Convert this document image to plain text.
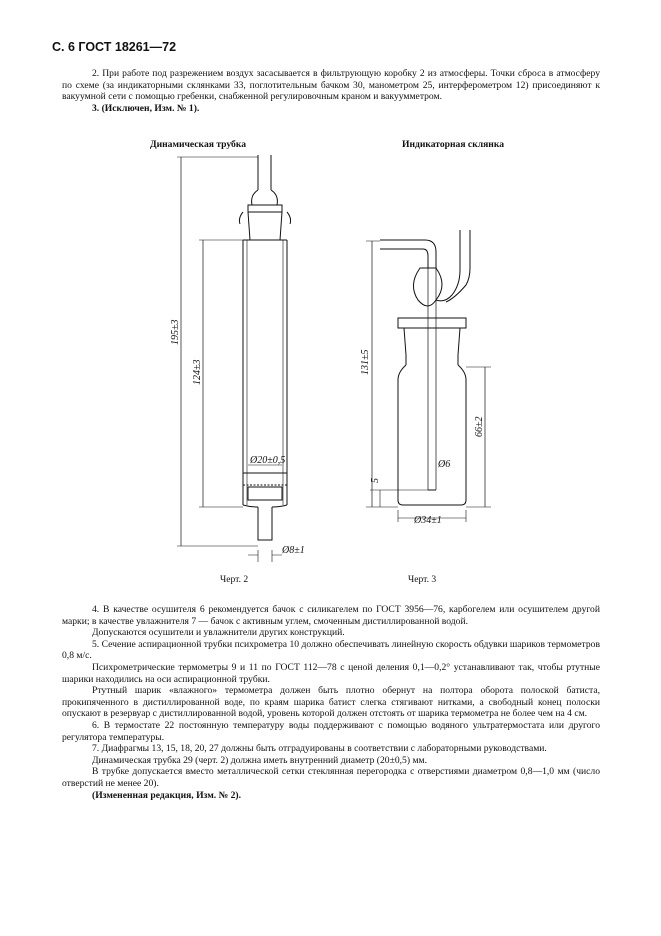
С. 6 ГОСТ 18261—72

2. При работе под разрежением воздух засасывается в фильтрующую коробку 2 из атмосферы. Точки сброса в атмосферу по схеме (за индикаторными склянками 33, поглотительным бачком 30, манометром 25, интерферометром 12) присоединяют к вакуумной сети с помощью гребенки, снабженной регулировочным краном и вакуумметром.

3. (Исключен, Изм. № 1).

Динамическая трубка	Индикаторная склянка
195±3
124±3
Ø20±0,5
Ø8±1
131±5
66±2
Ø6
5
Ø34±1
Черт. 2	Черт. 3

4. В качестве осушителя 6 рекомендуется бачок с силикагелем по ГОСТ 3956—76, карбогелем или осушителем другой марки; в качестве увлажнителя 7 — бачок с активным углем, смоченным дистиллированной водой.

Допускаются осушители и увлажнители других конструкций.

5. Сечение аспирационной трубки психрометра 10 должно обеспечивать линейную скорость обдувки шариков термометров 0,8 м/с.

Психрометрические термометры 9 и 11 по ГОСТ 112—78 с ценой деления 0,1—0,2° устанавливают так, чтобы ртутные шарики находились на оси аспирационной трубки.

Ртутный шарик «влажного» термометра должен быть плотно обернут на полтора оборота полоской батиста, прокипяченного в дистиллированной воде, по краям шарика батист слегка стягивают нитками, а свободный конец полоски опускают в резервуар с дистиллированной водой, уровень которой должен отстоять от шарика термометра не более чем на 4 см.

6. В термостате 22 постоянную температуру воды поддерживают с помощью водяного ультратермостата или другого регулятора температуры.

7. Диафрагмы 13, 15, 18, 20, 27 должны быть отградуированы в соответствии с лабораторными руководствами.

Динамическая трубка 29 (черт. 2) должна иметь внутренний диаметр (20±0,5) мм.

В трубке допускается вместо металлической сетки стеклянная перегородка с отверстиями диаметром 0,8—1,0 мм (число отверстий не менее 20).

(Измененная редакция, Изм. № 2).
